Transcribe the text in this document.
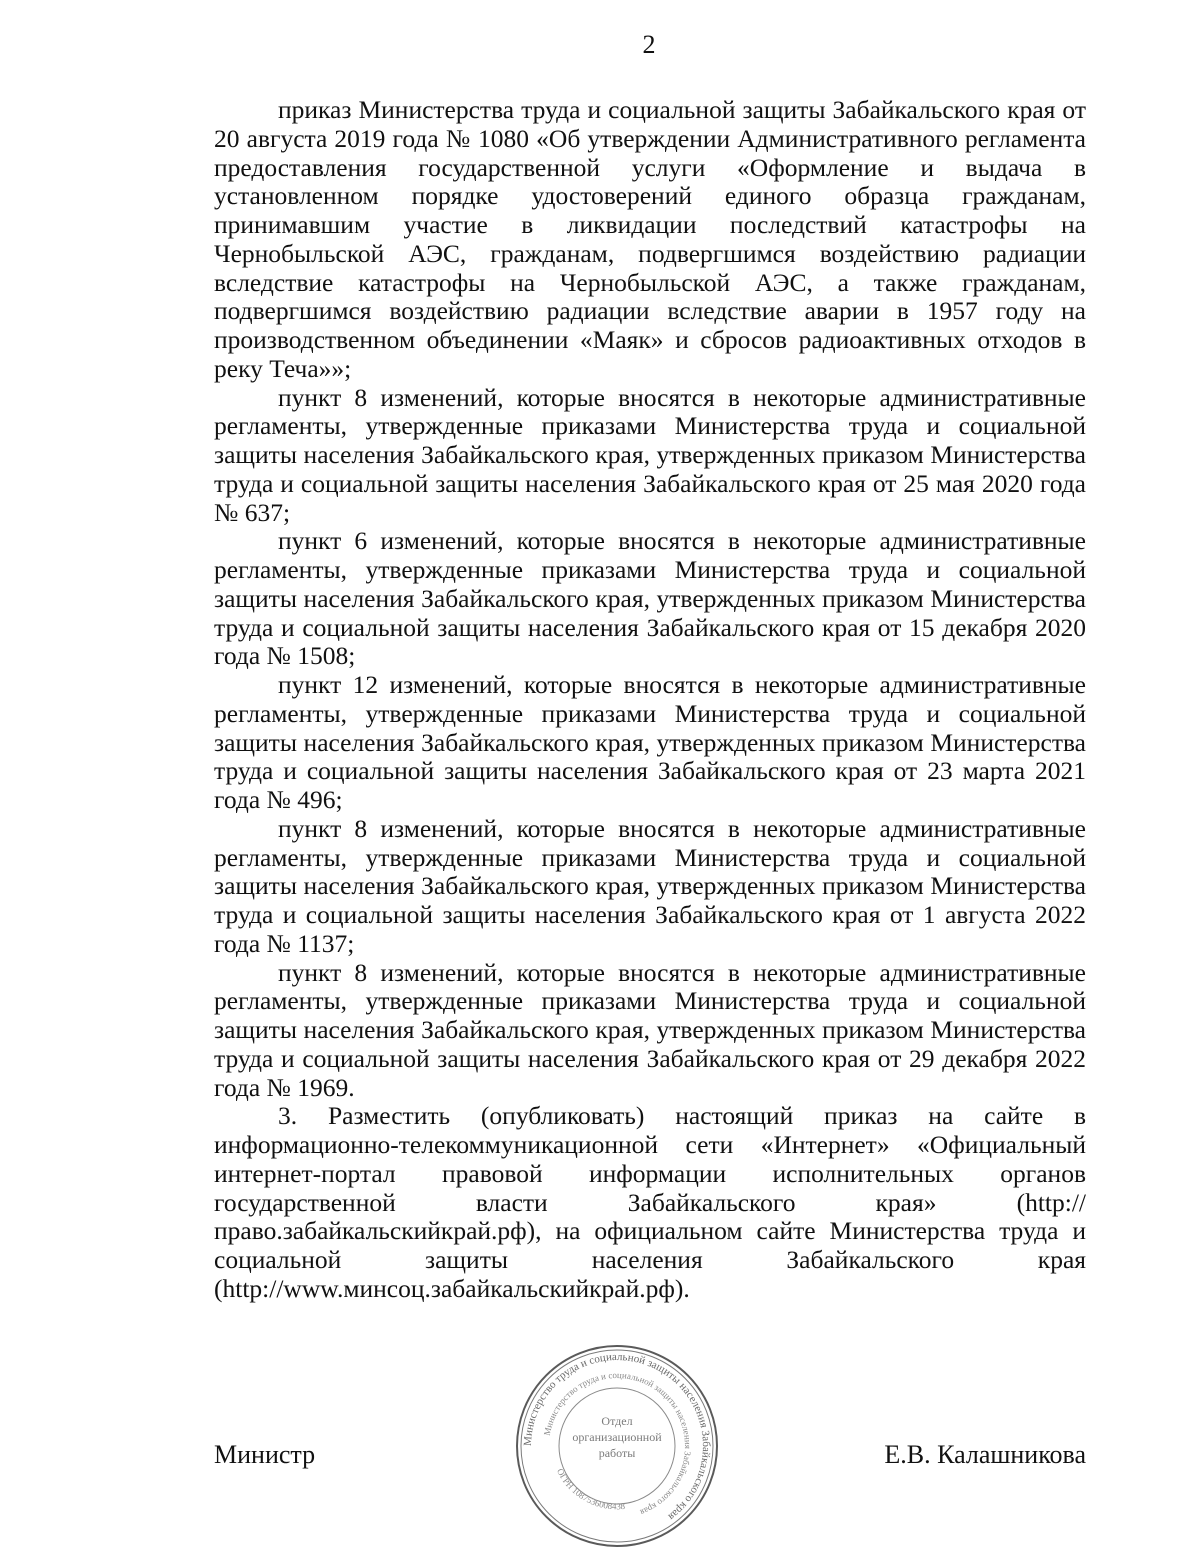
2

приказ Министерства труда и социальной защиты Забайкальского края от 20 августа 2019 года № 1080 «Об утверждении Административного регламента предоставления государственной услуги «Оформление и выдача в установленном порядке удостоверений единого образца гражданам, принимавшим участие в ликвидации последствий катастрофы на Чернобыльской АЭС, гражданам, подвергшимся воздействию радиации вследствие катастрофы на Чернобыльской АЭС, а также гражданам, подвергшимся воздействию радиации вследствие аварии в 1957 году на производственном объединении «Маяк» и сбросов радиоактивных отходов в реку Теча»»;

пункт 8 изменений, которые вносятся в некоторые административные регламенты, утвержденные приказами Министерства труда и социальной защиты населения Забайкальского края, утвержденных приказом Министерства труда и социальной защиты населения Забайкальского края от 25 мая 2020 года № 637;

пункт 6 изменений, которые вносятся в некоторые административные регламенты, утвержденные приказами Министерства труда и социальной защиты населения Забайкальского края, утвержденных приказом Министерства труда и социальной защиты населения Забайкальского края от 15 декабря 2020 года № 1508;

пункт 12 изменений, которые вносятся в некоторые административные регламенты, утвержденные приказами Министерства труда и социальной защиты населения Забайкальского края, утвержденных приказом Министерства труда и социальной защиты населения Забайкальского края от 23 марта 2021 года № 496;

пункт 8 изменений, которые вносятся в некоторые административные регламенты, утвержденные приказами Министерства труда и социальной защиты населения Забайкальского края, утвержденных приказом Министерства труда и социальной защиты населения Забайкальского края от 1 августа 2022 года № 1137;

пункт 8 изменений, которые вносятся в некоторые административные регламенты, утвержденные приказами Министерства труда и социальной защиты населения Забайкальского края, утвержденных приказом Министерства труда и социальной защиты населения Забайкальского края от 29 декабря 2022 года № 1969.

3. Разместить (опубликовать) настоящий приказ на сайте в информационно-телекоммуникационной сети «Интернет» «Официальный интернет-портал правовой информации исполнительных органов государственной власти Забайкальского края» (http://право.забайкальскийкрай.рф), на официальном сайте Министерства труда и социальной защиты населения Забайкальского края (http://www.минсоц.забайкальскийкрай.рф).

Министерство труда и социальной защиты населения Забайкальского края
Министерство труда и социальной защиты населения Забайкальского края
Отдел
организационной
работы
ОГРН 1087536008438
Министр	Е.В. Калашникова
